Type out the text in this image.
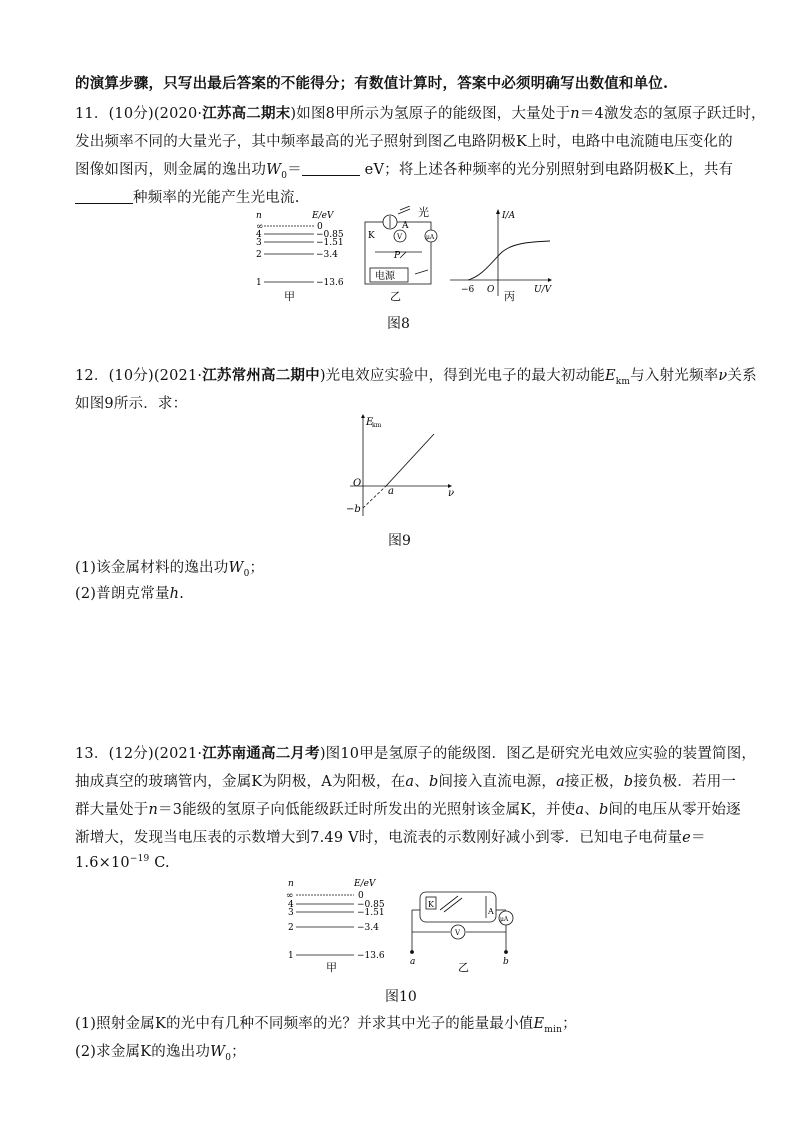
的演算步骤，只写出最后答案的不能得分；有数值计算时，答案中必须明确写出数值和单位.
11．(10分)(2020·江苏高二期末)如图8甲所示为氢原子的能级图，大量处于n＝4激发态的氢原子跃迁时，
发出频率不同的大量光子，其中频率最高的光子照射到图乙电路阴极K上时，电路中电流随电压变化的
图像如图丙，则金属的逸出功$W_0=$	eV；将上述各种频率的光分别照射到电路阴极K上，共有
种频率的光能产生光电流.
n	E/eV
∞	0
4	−0.85
3	−1.51
2	−3.4
1	−13.6
甲
光
K
A
V	μA
P
电源
乙
I/A
U/V
−6 O 丙
图8
12．(10分)(2021·江苏常州高二期中)光电效应实验中，得到光电子的最大初动能$E_{km}$与入射光频率ν关系
如图9所示．求：
E
km
ν
O
a
−b
图9
(1)该金属材料的逸出功$W_0$；
(2)普朗克常量h.
13．(12分)(2021·江苏南通高二月考)图10甲是氢原子的能级图．图乙是研究光电效应实验的装置简图，
抽成真空的玻璃管内，金属K为阴极，A为阳极，在a、b间接入直流电源，a接正极，b接负极．若用一
群大量处于n＝3能级的氢原子向低能级跃迁时所发出的光照射该金属K，并使a、b间的电压从零开始逐
渐增大，发现当电压表的示数增大到7.49 V时，电流表的示数刚好减小到零．已知电子电荷量e＝
$1.6\times 10^{-19}$ C.
n	E/eV
∞	0
4	−0.85
3	−1.51
2	−3.4
1	−13.6
甲
K
A
μA
V
a	b
乙
图10
(1)照射金属K的光中有几种不同频率的光？并求其中光子的能量最小值$E_{min}$；
(2)求金属K的逸出功$W_0$；
